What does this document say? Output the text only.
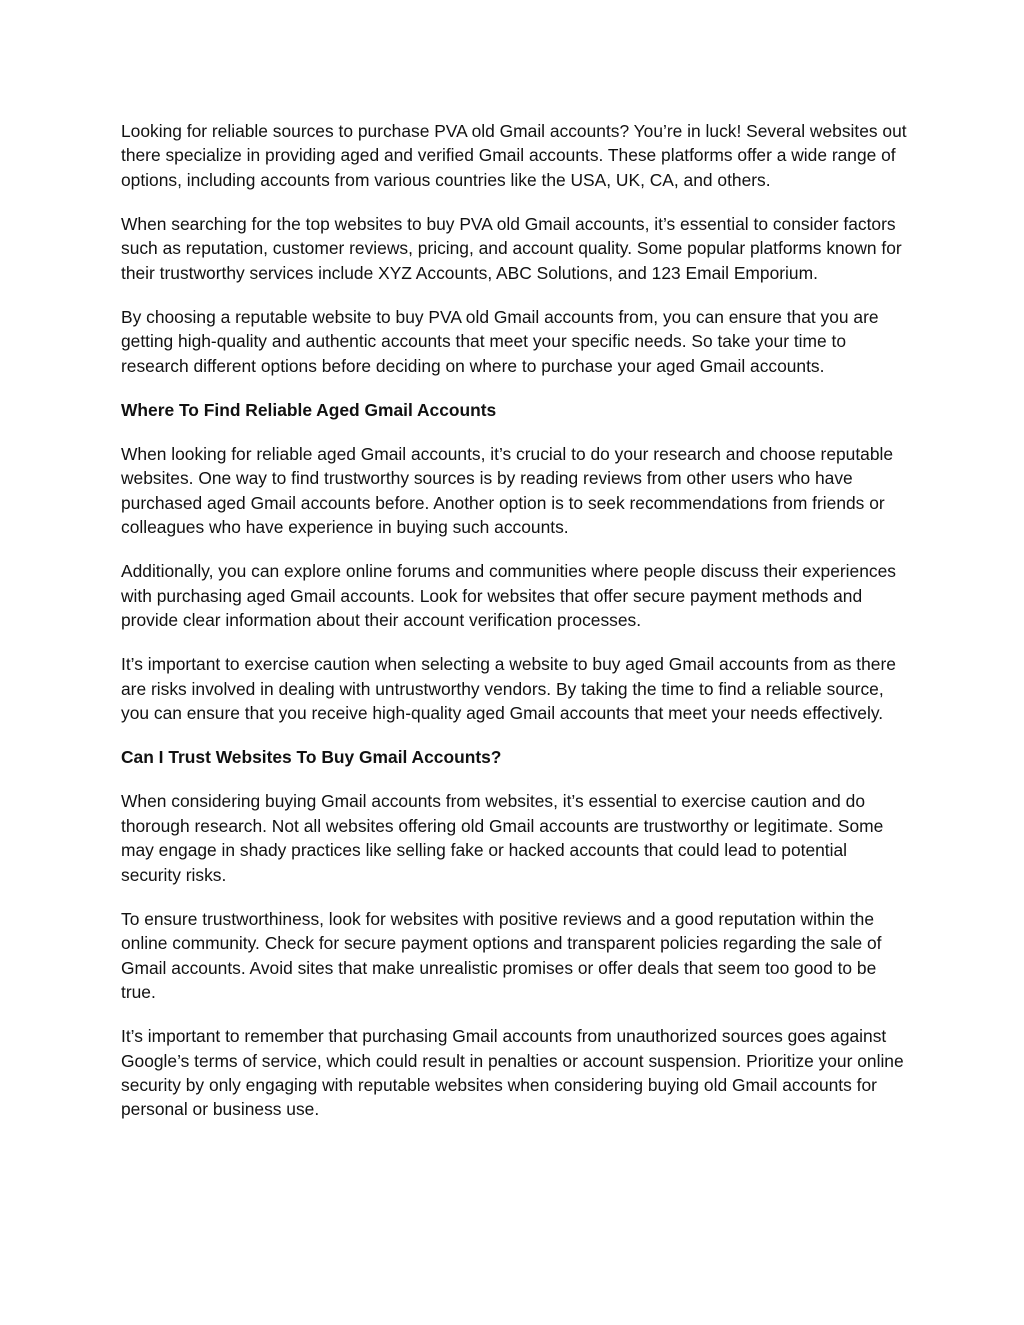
Looking for reliable sources to purchase PVA old Gmail accounts? You’re in luck! Several websites out there specialize in providing aged and verified Gmail accounts. These platforms offer a wide range of options, including accounts from various countries like the USA, UK, CA, and others.

When searching for the top websites to buy PVA old Gmail accounts, it’s essential to consider factors such as reputation, customer reviews, pricing, and account quality. Some popular platforms known for their trustworthy services include XYZ Accounts, ABC Solutions, and 123 Email Emporium.

By choosing a reputable website to buy PVA old Gmail accounts from, you can ensure that you are getting high-quality and authentic accounts that meet your specific needs. So take your time to research different options before deciding on where to purchase your aged Gmail accounts.

Where To Find Reliable Aged Gmail Accounts

When looking for reliable aged Gmail accounts, it’s crucial to do your research and choose reputable websites. One way to find trustworthy sources is by reading reviews from other users who have purchased aged Gmail accounts before. Another option is to seek recommendations from friends or colleagues who have experience in buying such accounts.

Additionally, you can explore online forums and communities where people discuss their experiences with purchasing aged Gmail accounts. Look for websites that offer secure payment methods and provide clear information about their account verification processes.

It’s important to exercise caution when selecting a website to buy aged Gmail accounts from as there are risks involved in dealing with untrustworthy vendors. By taking the time to find a reliable source, you can ensure that you receive high-quality aged Gmail accounts that meet your needs effectively.

Can I Trust Websites To Buy Gmail Accounts?

When considering buying Gmail accounts from websites, it’s essential to exercise caution and do thorough research. Not all websites offering old Gmail accounts are trustworthy or legitimate. Some may engage in shady practices like selling fake or hacked accounts that could lead to potential security risks.

To ensure trustworthiness, look for websites with positive reviews and a good reputation within the online community. Check for secure payment options and transparent policies regarding the sale of Gmail accounts. Avoid sites that make unrealistic promises or offer deals that seem too good to be true.

It’s important to remember that purchasing Gmail accounts from unauthorized sources goes against Google’s terms of service, which could result in penalties or account suspension. Prioritize your online security by only engaging with reputable websites when considering buying old Gmail accounts for personal or business use.
